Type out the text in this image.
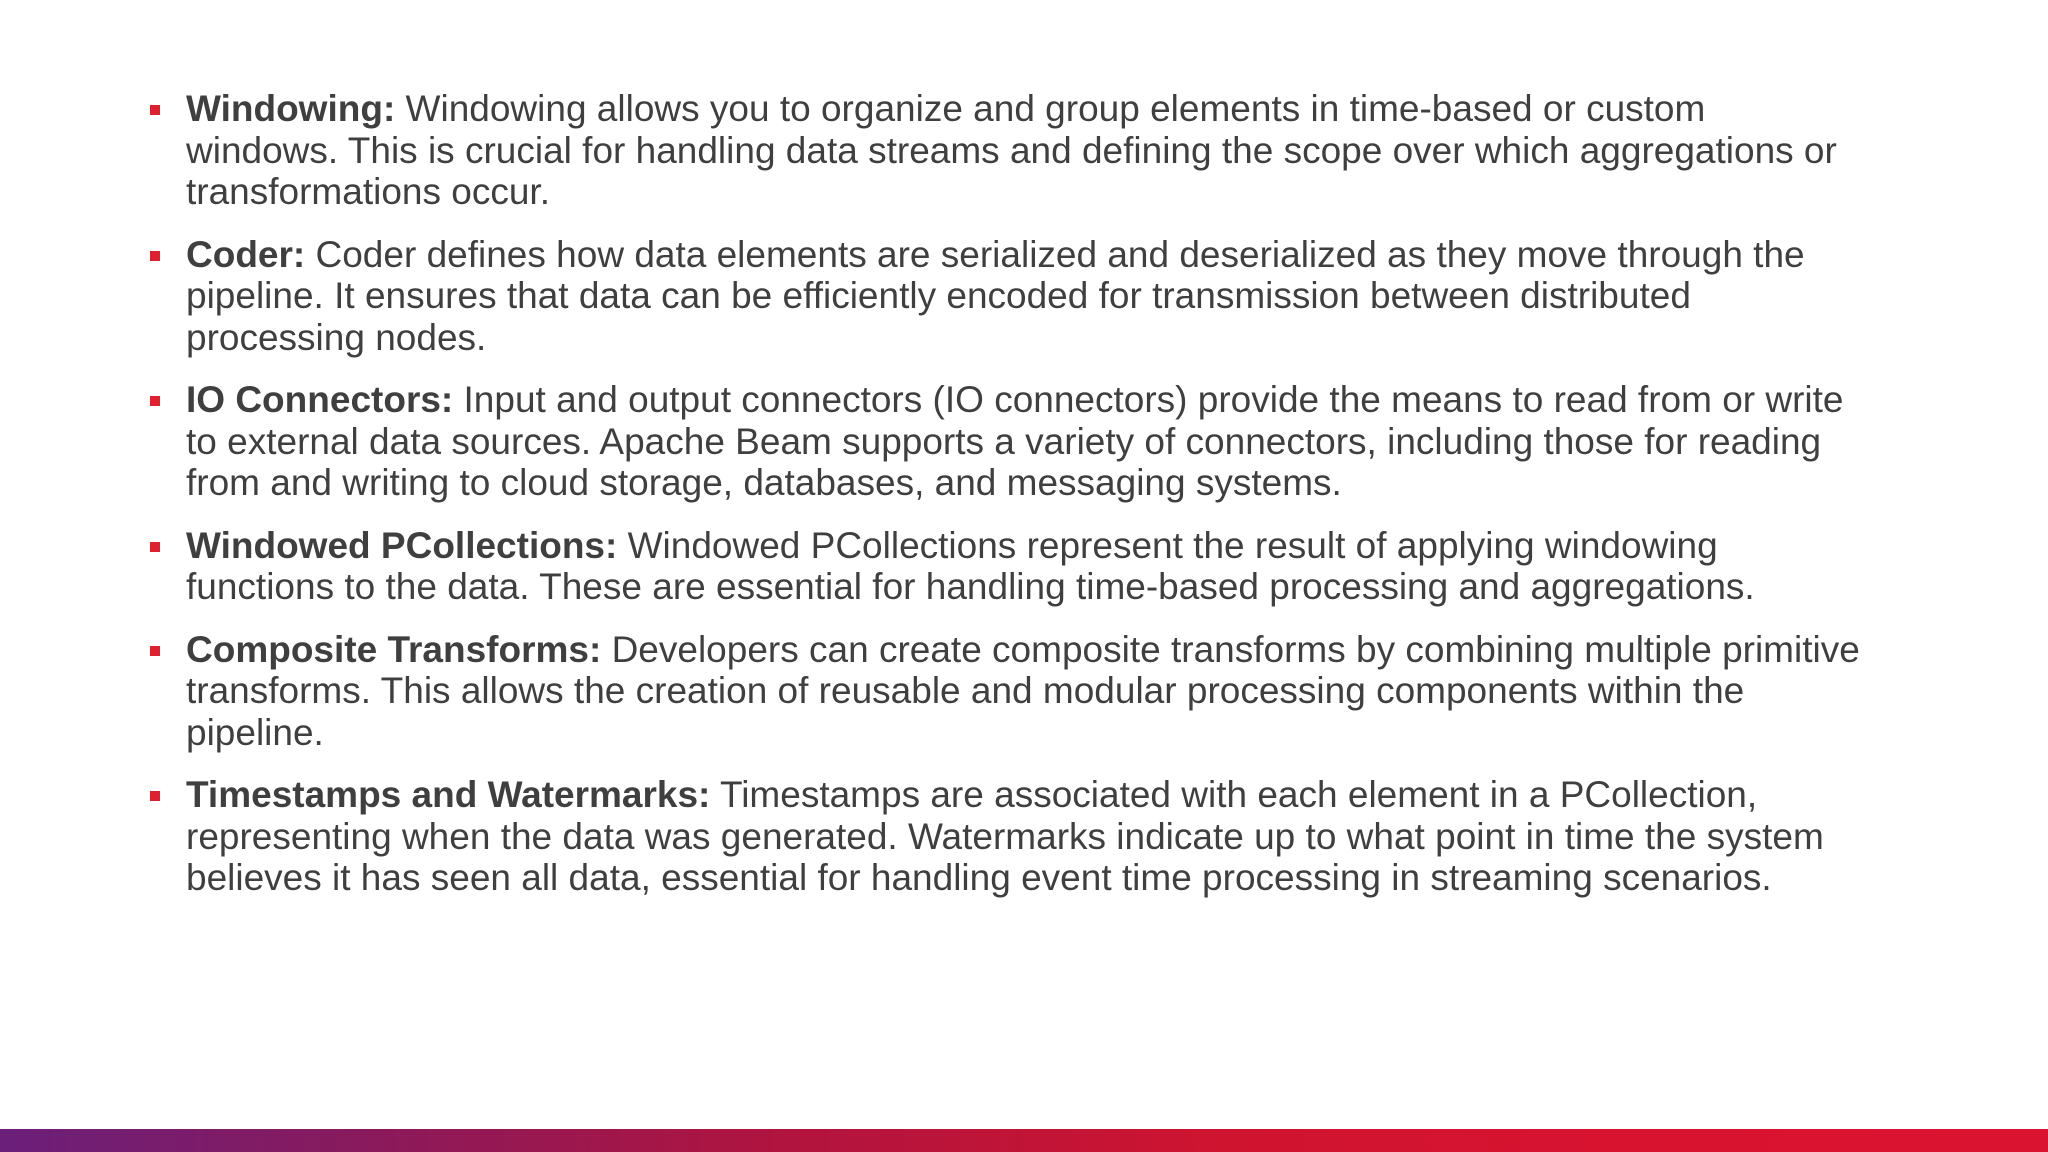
Windowing: Windowing allows you to organize and group elements in time-based or custom windows. This is crucial for handling data streams and defining the scope over which aggregations or transformations occur.
Coder: Coder defines how data elements are serialized and deserialized as they move through the pipeline. It ensures that data can be efficiently encoded for transmission between distributed processing nodes.
IO Connectors: Input and output connectors (IO connectors) provide the means to read from or write to external data sources. Apache Beam supports a variety of connectors, including those for reading from and writing to cloud storage, databases, and messaging systems.
Windowed PCollections: Windowed PCollections represent the result of applying windowing functions to the data. These are essential for handling time-based processing and aggregations.
Composite Transforms: Developers can create composite transforms by combining multiple primitive transforms. This allows the creation of reusable and modular processing components within the pipeline.
Timestamps and Watermarks: Timestamps are associated with each element in a PCollection, representing when the data was generated. Watermarks indicate up to what point in time the system believes it has seen all data, essential for handling event time processing in streaming scenarios.
